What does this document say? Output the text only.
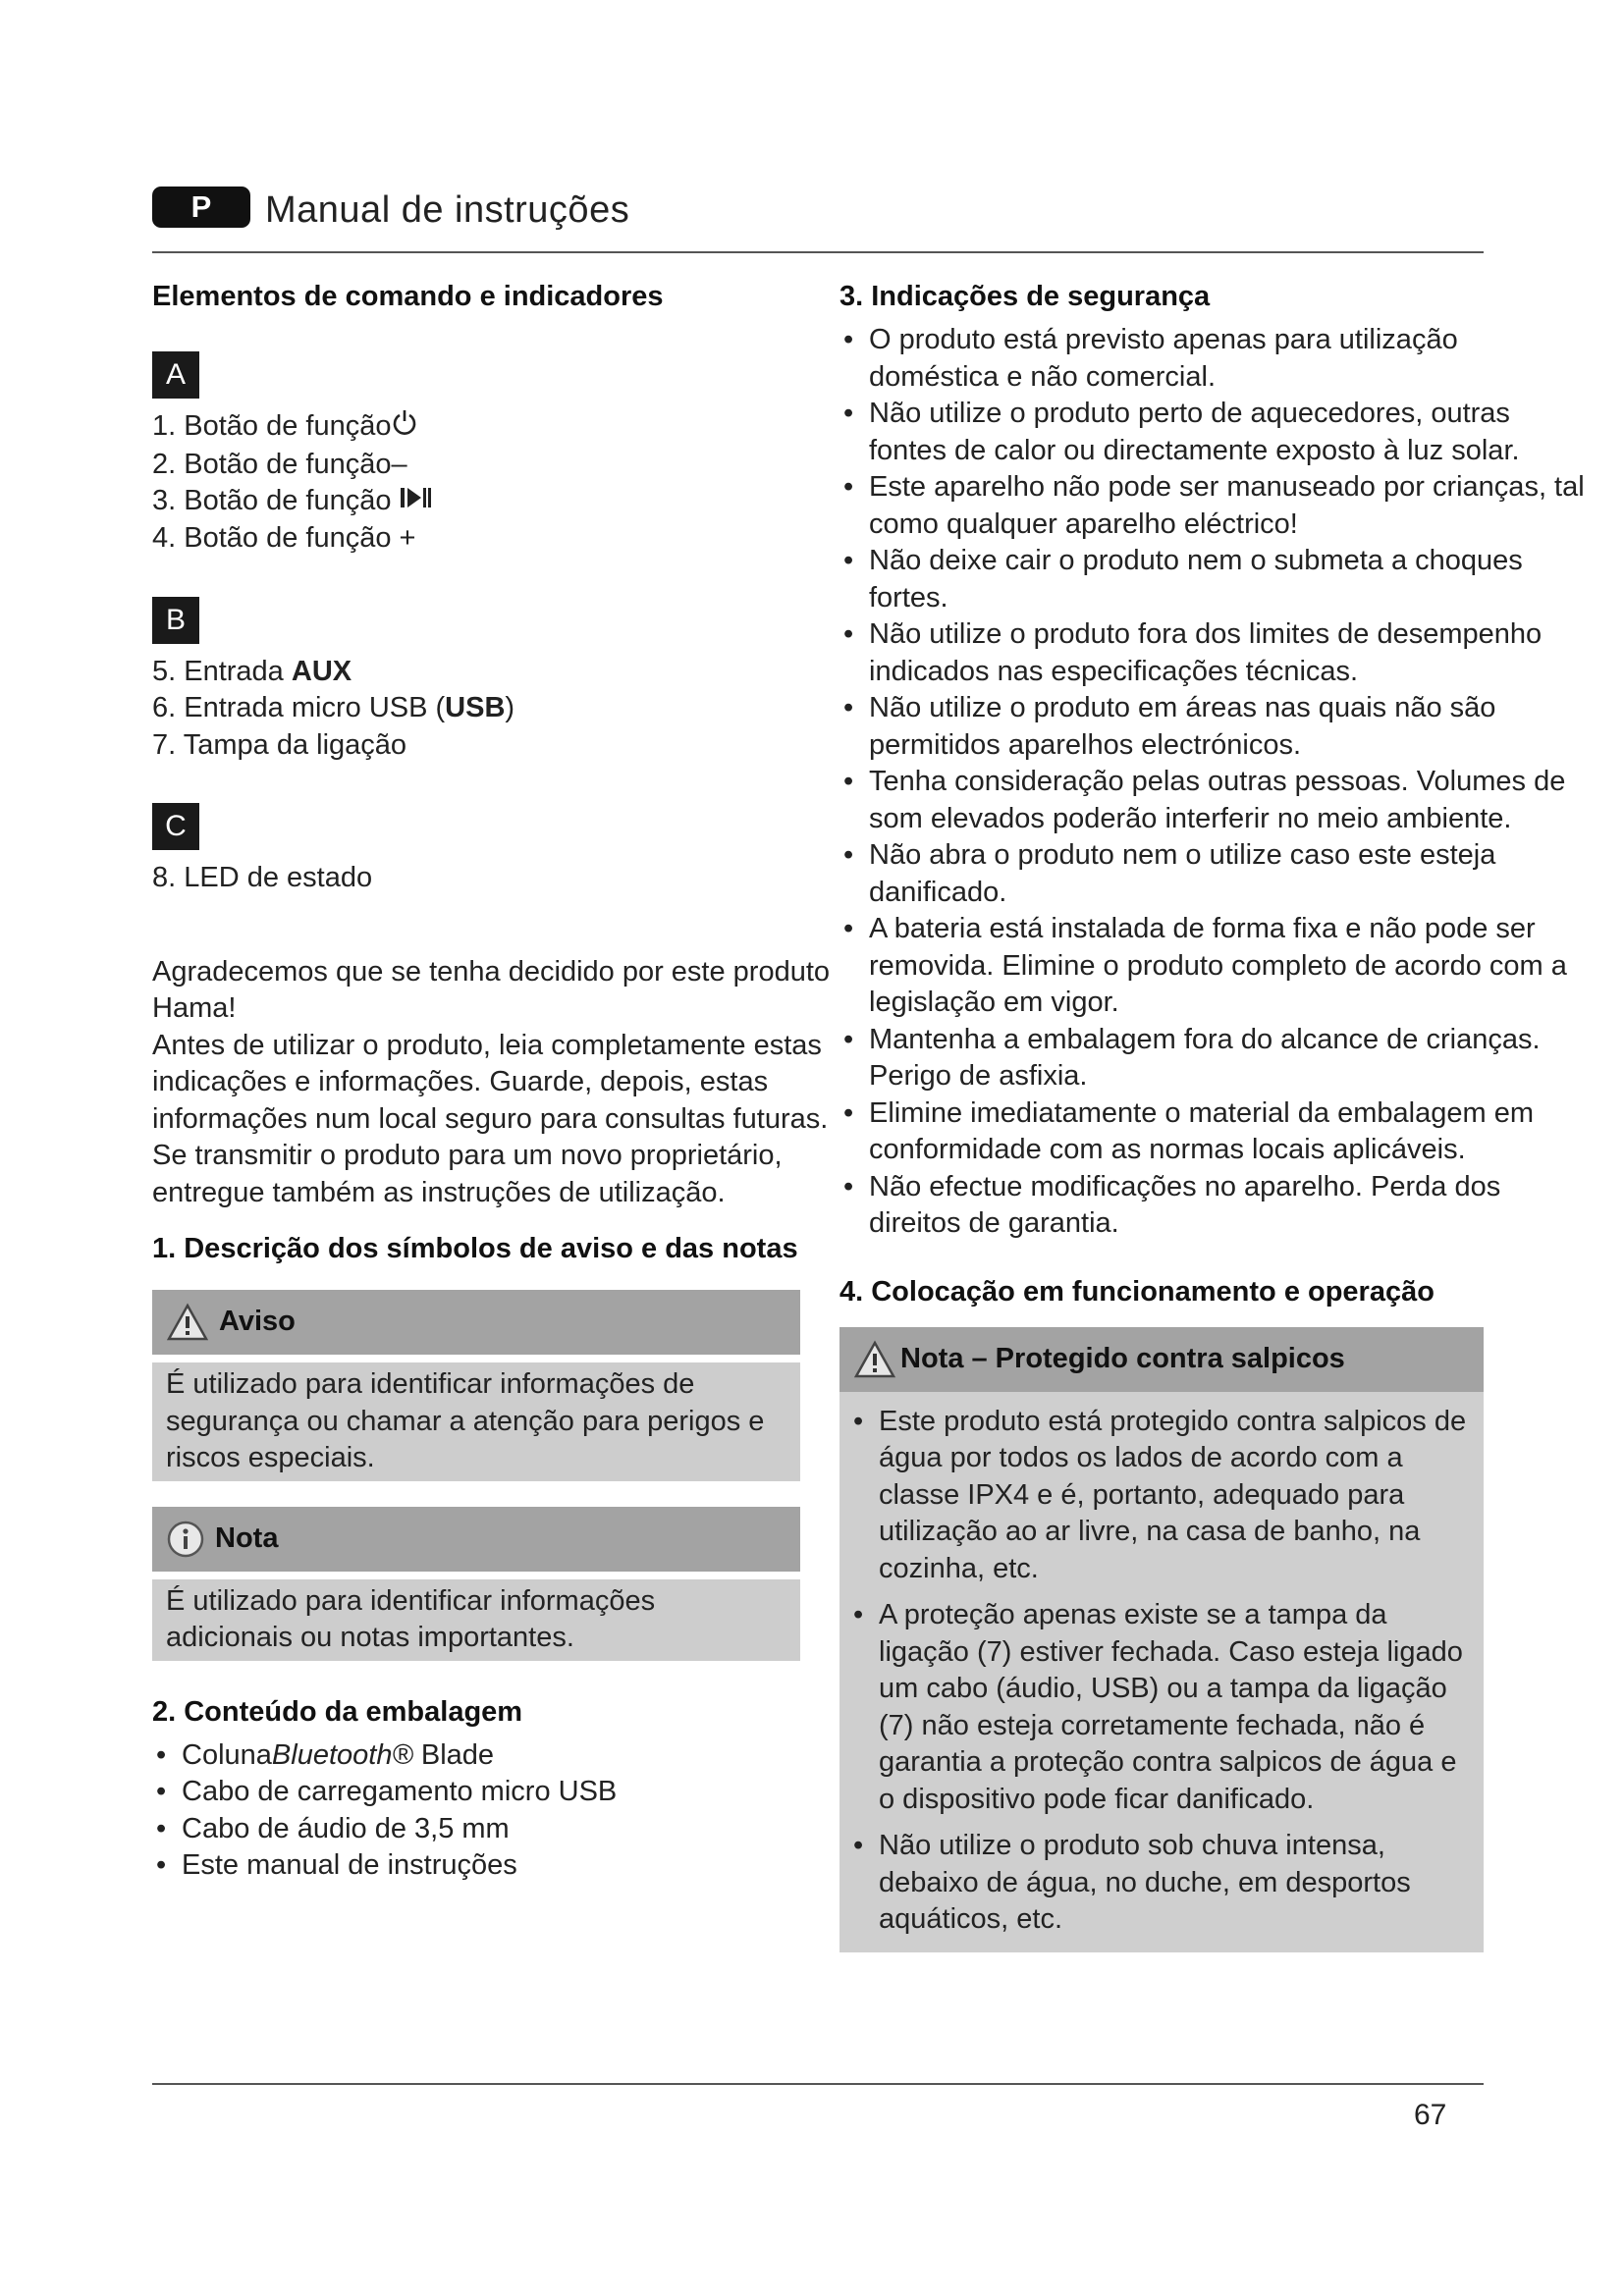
P	Manual de instruções
Elementos de comando e indicadores
A
1. Botão de função
2. Botão de função–
3. Botão de função
4. Botão de função +
B
5. Entrada AUX
6. Entrada micro USB (USB)
7. Tampa da ligação
C
8. LED de estado

Agradecemos que se tenha decidido por este produto Hama!

Antes de utilizar o produto, leia completamente estas indicações e informações. Guarde, depois, estas informações num local seguro para consultas futuras. Se transmitir o produto para um novo proprietário, entregue também as instruções de utilização.

1. Descrição dos símbolos de aviso e das notas
Aviso
É utilizado para identificar informações de segurança ou chamar a atenção para perigos e riscos especiais.
Nota
É utilizado para identificar informações adicionais ou notas importantes.
2. Conteúdo da embalagem
• ColunaBluetooth® Blade
• Cabo de carregamento micro USB
• Cabo de áudio de 3,5 mm
• Este manual de instruções
3. Indicações de segurança
• O produto está previsto apenas para utilização doméstica e não comercial.
• Não utilize o produto perto de aquecedores, outras fontes de calor ou directamente exposto à luz solar.
• Este aparelho não pode ser manuseado por crianças, tal como qualquer aparelho eléctrico!
• Não deixe cair o produto nem o submeta a choques fortes.
• Não utilize o produto fora dos limites de desempenho indicados nas especificações técnicas.
• Não utilize o produto em áreas nas quais não são permitidos aparelhos electrónicos.
• Tenha consideração pelas outras pessoas. Volumes de som elevados poderão interferir no meio ambiente.
• Não abra o produto nem o utilize caso este esteja danificado.
• A bateria está instalada de forma fixa e não pode ser removida. Elimine o produto completo de acordo com a legislação em vigor.
• Mantenha a embalagem fora do alcance de crianças. Perigo de asfixia.
• Elimine imediatamente o material da embalagem em conformidade com as normas locais aplicáveis.
• Não efectue modificações no aparelho. Perda dos direitos de garantia.
4. Colocação em funcionamento e operação
Nota – Protegido contra salpicos
• Este produto está protegido contra salpicos de água por todos os lados de acordo com a classe IPX4 e é, portanto, adequado para utilização ao ar livre, na casa de banho, na cozinha, etc.
• A proteção apenas existe se a tampa da ligação (7) estiver fechada. Caso esteja ligado um cabo (áudio, USB) ou a tampa da ligação (7) não esteja corretamente fechada, não é garantia a proteção contra salpicos de água e o dispositivo pode ficar danificado.
• Não utilize o produto sob chuva intensa, debaixo de água, no duche, em desportos aquáticos, etc.
67
